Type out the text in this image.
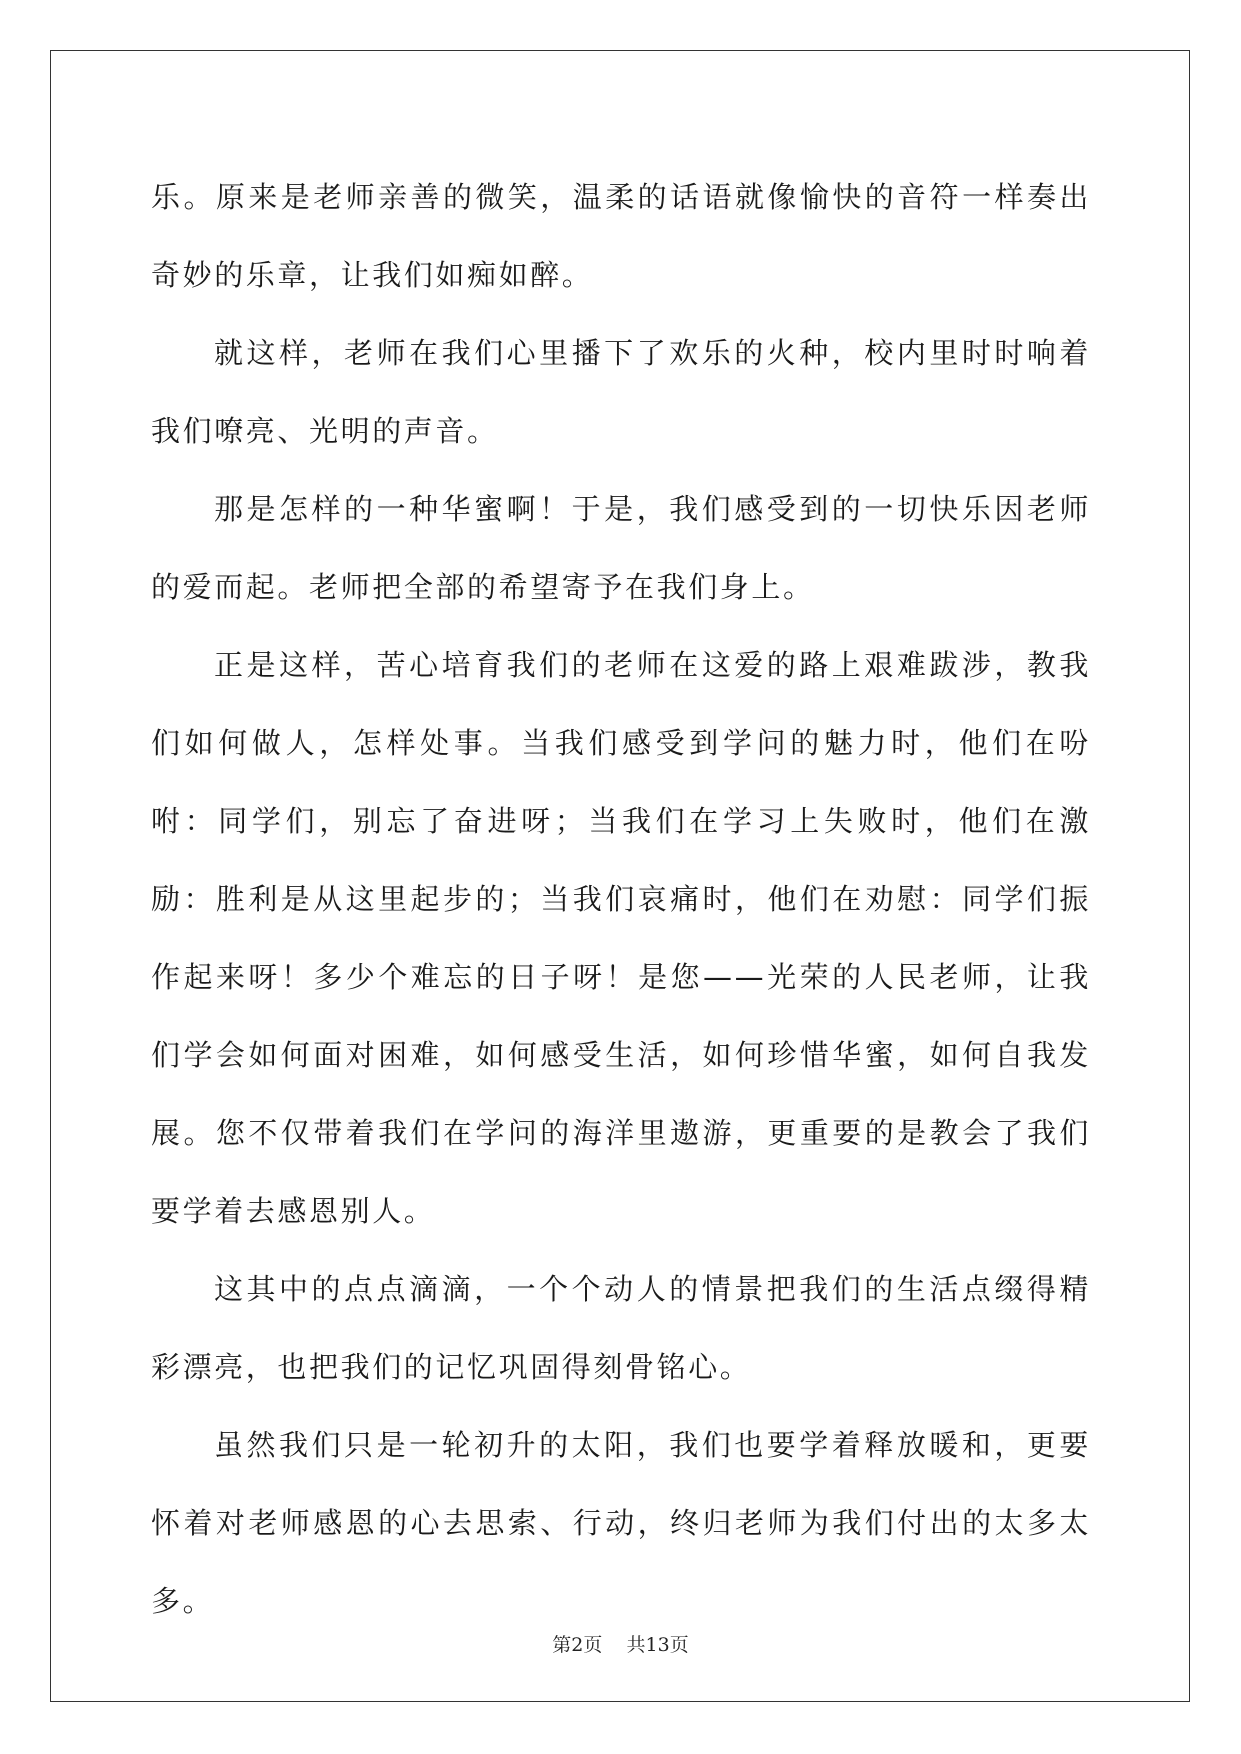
乐。原来是老师亲善的微笑，温柔的话语就像愉快的音符一样奏出奇妙的乐章，让我们如痴如醉。

就这样，老师在我们心里播下了欢乐的火种，校内里时时响着我们嘹亮、光明的声音。

那是怎样的一种华蜜啊！于是，我们感受到的一切快乐因老师的爱而起。老师把全部的希望寄予在我们身上。

正是这样，苦心培育我们的老师在这爱的路上艰难跋涉，教我们如何做人，怎样处事。当我们感受到学问的魅力时，他们在吩咐：同学们，别忘了奋进呀；当我们在学习上失败时，他们在激励：胜利是从这里起步的；当我们哀痛时，他们在劝慰：同学们振作起来呀！多少个难忘的日子呀！是您——光荣的人民老师，让我们学会如何面对困难，如何感受生活，如何珍惜华蜜，如何自我发展。您不仅带着我们在学问的海洋里遨游，更重要的是教会了我们要学着去感恩别人。

这其中的点点滴滴，一个个动人的情景把我们的生活点缀得精彩漂亮，也把我们的记忆巩固得刻骨铭心。

虽然我们只是一轮初升的太阳，我们也要学着释放暖和，更要怀着对老师感恩的心去思索、行动，终归老师为我们付出的太多太多。

第2页    共13页
